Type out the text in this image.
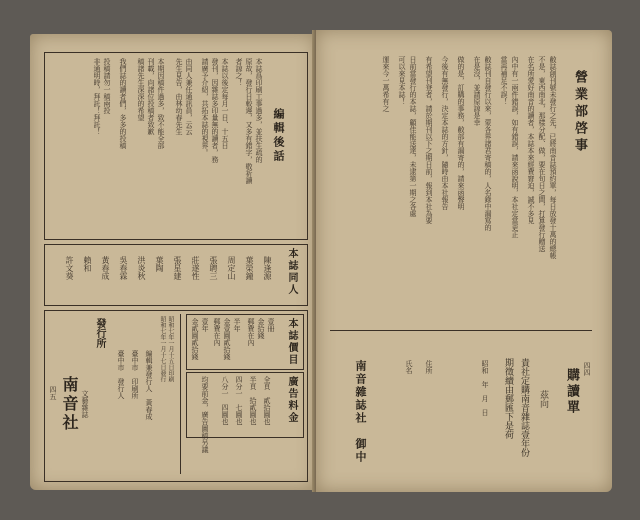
四四
營業部啓事
敝誌創刊號未發行之先，已將南音誌預約單，每日放發十萬的總帳
不是，東西南北，那樣分配、做，要在旬日之間，打算發行贈送
在名所愛好南音的讀者，本誌本來經費窘迫，誠不多見
內中有一兩件錯誤，如有錯誤，請來函說明，本社定當更正
當再補足不誤！
敝誌刊自發行以來，蒙各界諸君寄稿的，人名錄中漏寫的
在是沒，並請原諒是幸
做的是，訂購的事務，敝部有漏寄的，請來函聲明
今後有無發行，決定本誌的方針，隨時由本社報告
有希望刊登者，請於期刊以下之期日前，報到本社為要
日前當發行的本誌，顧佳能送達，未逮第一期之各處
可以來見本誌！
運來今一萬希有之
購讀單
茲向
貴社定購南音雜誌壹年份
期徵續由郵匯下是荷
昭和　年　月　日
住所
氏名
南音雜誌社　御中
編輯後話
本誌爲印刷工事過多，並扶生疏的
原故，發行日較遲，又多有錯字，敬祈讀
者諒之！
本誌以後定每月一日、十五日
發刊，因雜誌多印量無的讀者，務
請廣予介紹，共拓本誌的視界。
由同人兼任通訊員，云云
先生見告，由林幼春先生
本期因稿件過多，致不能全部
刊載，向諸位投稿者致歉
稿諸先生深深的希望
我們誌的讀者們，多多的投稿
投稿請勿一稿兩投
非通明時，拜託！拜託！
本誌同人
陳逢源
葉榮鐘
周定山
張聘三
莊遂性
張星建
葉陶
洪炎秋
吳春霖
黃春成
賴和
許文葵
本誌價目
壹冊
金拾錢
郵費在內
半年
金壹圓貳拾錢
郵費在內
壹年
金貳圓貳拾錢
廣告料金
全頁　貳拾圓也
半頁　拾貳圓也
四分一　七圓也
八分一　四圓也
均要前金，廣告圖稿另議
昭和七年一月十五日印刷
昭和七年一月十七日發行
編輯兼發行人　黃春成
臺中市　印刷所
臺中市　發行人
發行所
文藝雜誌
南音社
四五
